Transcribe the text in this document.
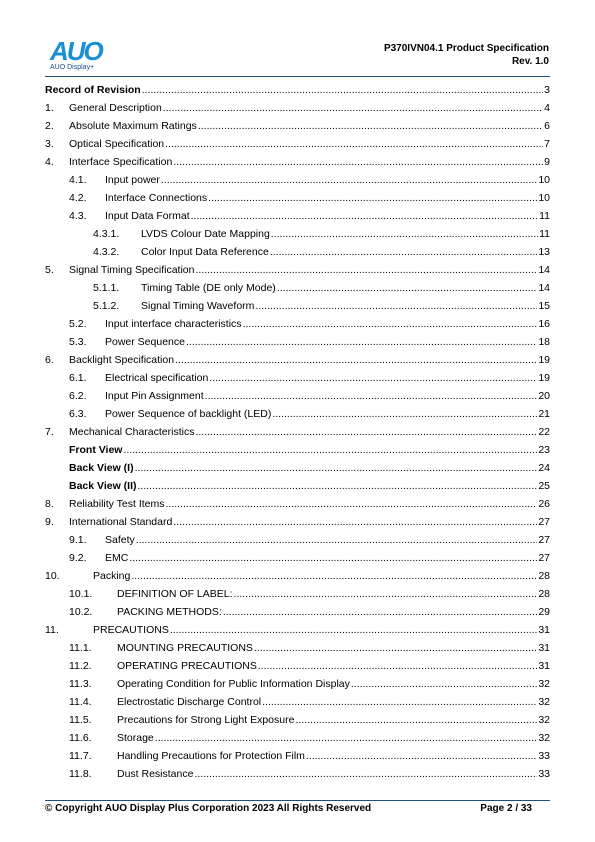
AUO
AUO Display+
P370IVN04.1 Product Specification
Rev. 1.0
Record of Revision .....	3
1.	General Description .....	4
2.	Absolute Maximum Ratings .....	6
3.	Optical Specification .....	7
4.	Interface Specification .....	9
4.1.	Input power .....	10
4.2.	Interface Connections .....	10
4.3.	Input Data Format .....	11
4.3.1.	LVDS Colour Date Mapping .....	11
4.3.2.	Color Input Data Reference .....	13
5.	Signal Timing Specification .....	14
5.1.1.	Timing Table (DE only Mode) .....	14
5.1.2.	Signal Timing Waveform .....	15
5.2.	Input interface characteristics .....	16
5.3.	Power Sequence .....	18
6.	Backlight Specification .....	19
6.1.	Electrical specification .....	19
6.2.	Input Pin Assignment .....	20
6.3.	Power Sequence of backlight (LED) .....	21
7.	Mechanical Characteristics .....	22
Front View .....	23
Back View (I) .....	24
Back View (II) .....	25
8.	Reliability Test Items .....	26
9.	International Standard .....	27
9.1.	Safety .....	27
9.2.	EMC .....	27
10.	Packing .....	28
10.1.	DEFINITION OF LABEL: .....	28
10.2.	PACKING METHODS: .....	29
11.	PRECAUTIONS .....	31
11.1.	MOUNTING PRECAUTIONS .....	31
11.2.	OPERATING PRECAUTIONS .....	31
11.3.	Operating Condition for Public Information Display .....	32
11.4.	Electrostatic Discharge Control .....	32
11.5.	Precautions for Strong Light Exposure .....	32
11.6.	Storage .....	32
11.7.	Handling Precautions for Protection Film .....	33
11.8.	Dust Resistance .....	33
© Copyright AUO Display Plus Corporation 2023 All Rights Reserved	Page 2 / 33
